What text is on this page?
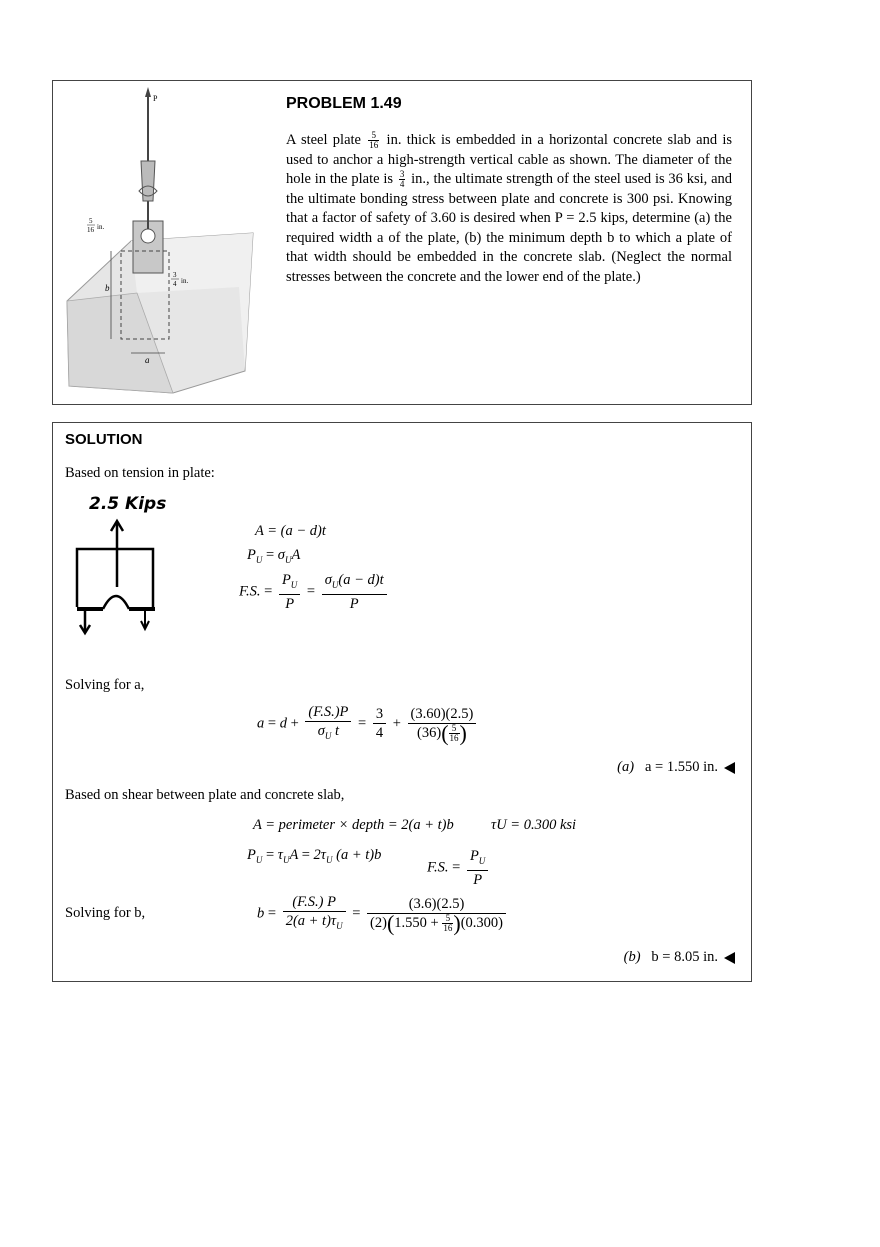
P
b
a
5
16 in.
3
4 in.
PROBLEM 1.49
A steel plate $\frac{5}{16}$ in. thick is embedded in a horizontal concrete slab and is used to anchor a high-strength vertical cable as shown. The diameter of the hole in the plate is $\frac{3}{4}$ in., the ultimate strength of the steel used is 36 ksi, and the ultimate bonding stress between plate and concrete is 300 psi. Knowing that a factor of safety of 3.60 is desired when P = 2.5 kips, determine (a) the required width a of the plate, (b) the minimum depth b to which a plate of that width should be embedded in the concrete slab. (Neglect the normal stresses between the concrete and the lower end of the plate.)
SOLUTION
Based on tension in plate:
2.5 Kips
A = (a − d)t
$P_U = \sigma_UA$
F.S. = $\frac{P_U}{P} = \frac{\sigma_U(a - d)t}{P}$
Solving for a,
$a = d + \frac{(F.S.)P}{\sigma_U t} = \frac{3}{4} + \frac{(3.60)(2.5)}{(36)( \frac{5}{16} )}$
(a) a = 1.550 in.
Based on shear between plate and concrete slab,
A = perimeter × depth = 2(a + t)b	τU = 0.300 ksi
$P_U = \tau_UA = 2\tau_U$ (a + t)b
F.S. = $\frac{P_U}{P}$
Solving for b,	$b = \frac{(F.S.) P}{2(a + t)\tau_U} = \frac{(3.6)(2.5)}{(2)(1.550 + \frac{5}{16} )(0.300)}$
(b) b = 8.05 in.
